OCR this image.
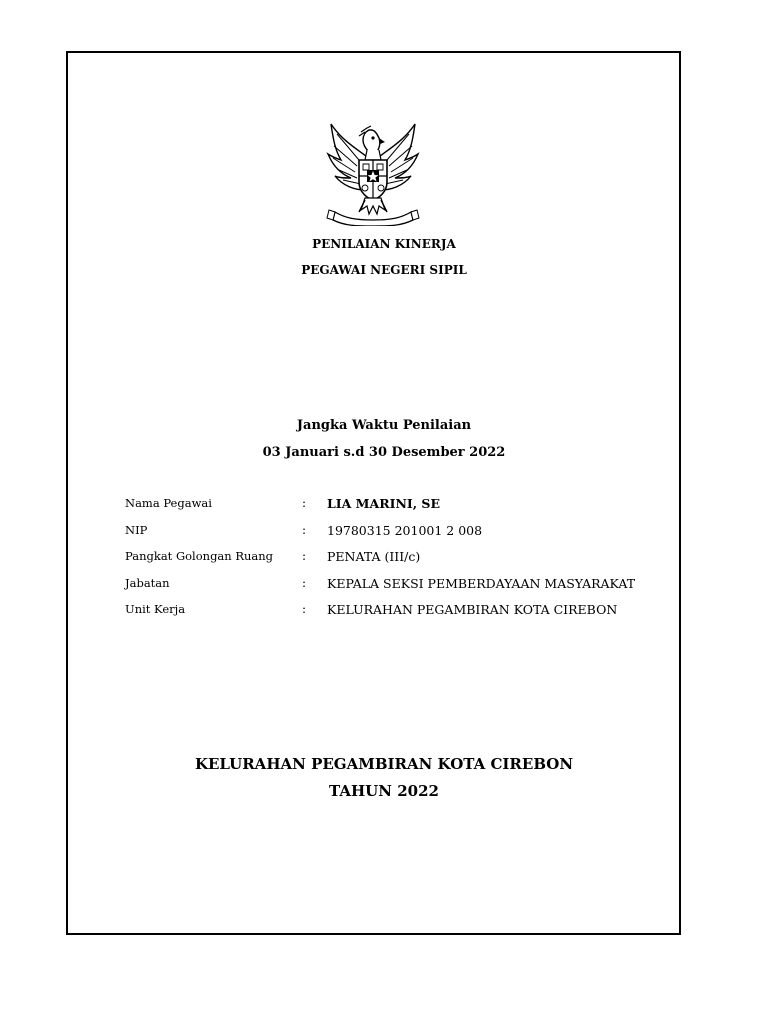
PENILAIAN KINERJA
PEGAWAI NEGERI SIPIL
Jangka Waktu Penilaian
03 Januari s.d 30 Desember 2022
Nama Pegawai	: LIA MARINI, SE
NIP	: 19780315 201001 2 008
Pangkat Golongan Ruang : PENATA (III/c)
Jabatan	: KEPALA SEKSI PEMBERDAYAAN MASYARAKAT
Unit Kerja	: KELURAHAN PEGAMBIRAN KOTA CIREBON
KELURAHAN PEGAMBIRAN KOTA CIREBON
TAHUN 2022
